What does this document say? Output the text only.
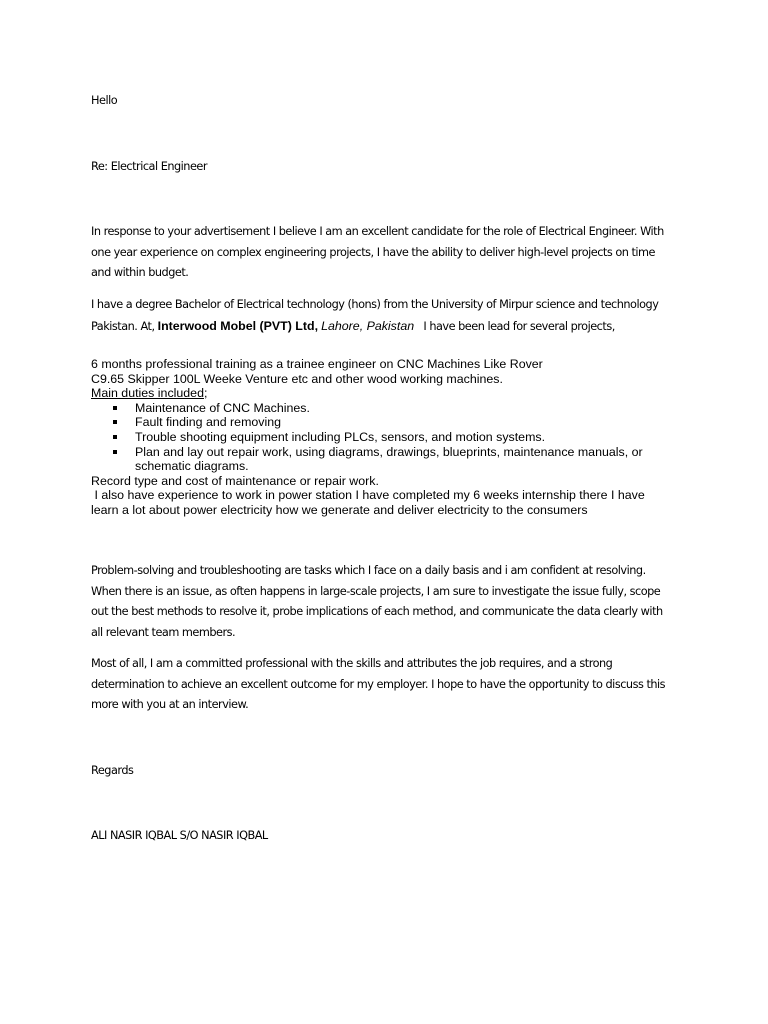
Hello

Re: Electrical Engineer

In response to your advertisement I believe I am an excellent candidate for the role of Electrical Engineer. With one year experience on complex engineering projects, I have the ability to deliver high-level projects on time and within budget.

I have a degree Bachelor of Electrical technology (hons) from the University of Mirpur science and technology Pakistan. At, Interwood Mobel (PVT) Ltd, Lahore, Pakistan I have been lead for several projects,

6 months professional training as a trainee engineer on CNC Machines Like Rover
C9.65 Skipper 100L Weeke Venture etc and other wood working machines.
Main duties included;
Maintenance of CNC Machines.
Fault finding and removing
Trouble shooting equipment including PLCs, sensors, and motion systems.
Plan and lay out repair work, using diagrams, drawings, blueprints, maintenance manuals, or schematic diagrams.
Record type and cost of maintenance or repair work.
I also have experience to work in power station I have completed my 6 weeks internship there I have
learn a lot about power electricity how we generate and deliver electricity to the consumers

Problem-solving and troubleshooting are tasks which I face on a daily basis and i am confident at resolving. When there is an issue, as often happens in large-scale projects, I am sure to investigate the issue fully, scope out the best methods to resolve it, probe implications of each method, and communicate the data clearly with all relevant team members.

Most of all, I am a committed professional with the skills and attributes the job requires, and a strong determination to achieve an excellent outcome for my employer. I hope to have the opportunity to discuss this more with you at an interview.

Regards

ALI NASIR IQBAL S/O NASIR IQBAL
